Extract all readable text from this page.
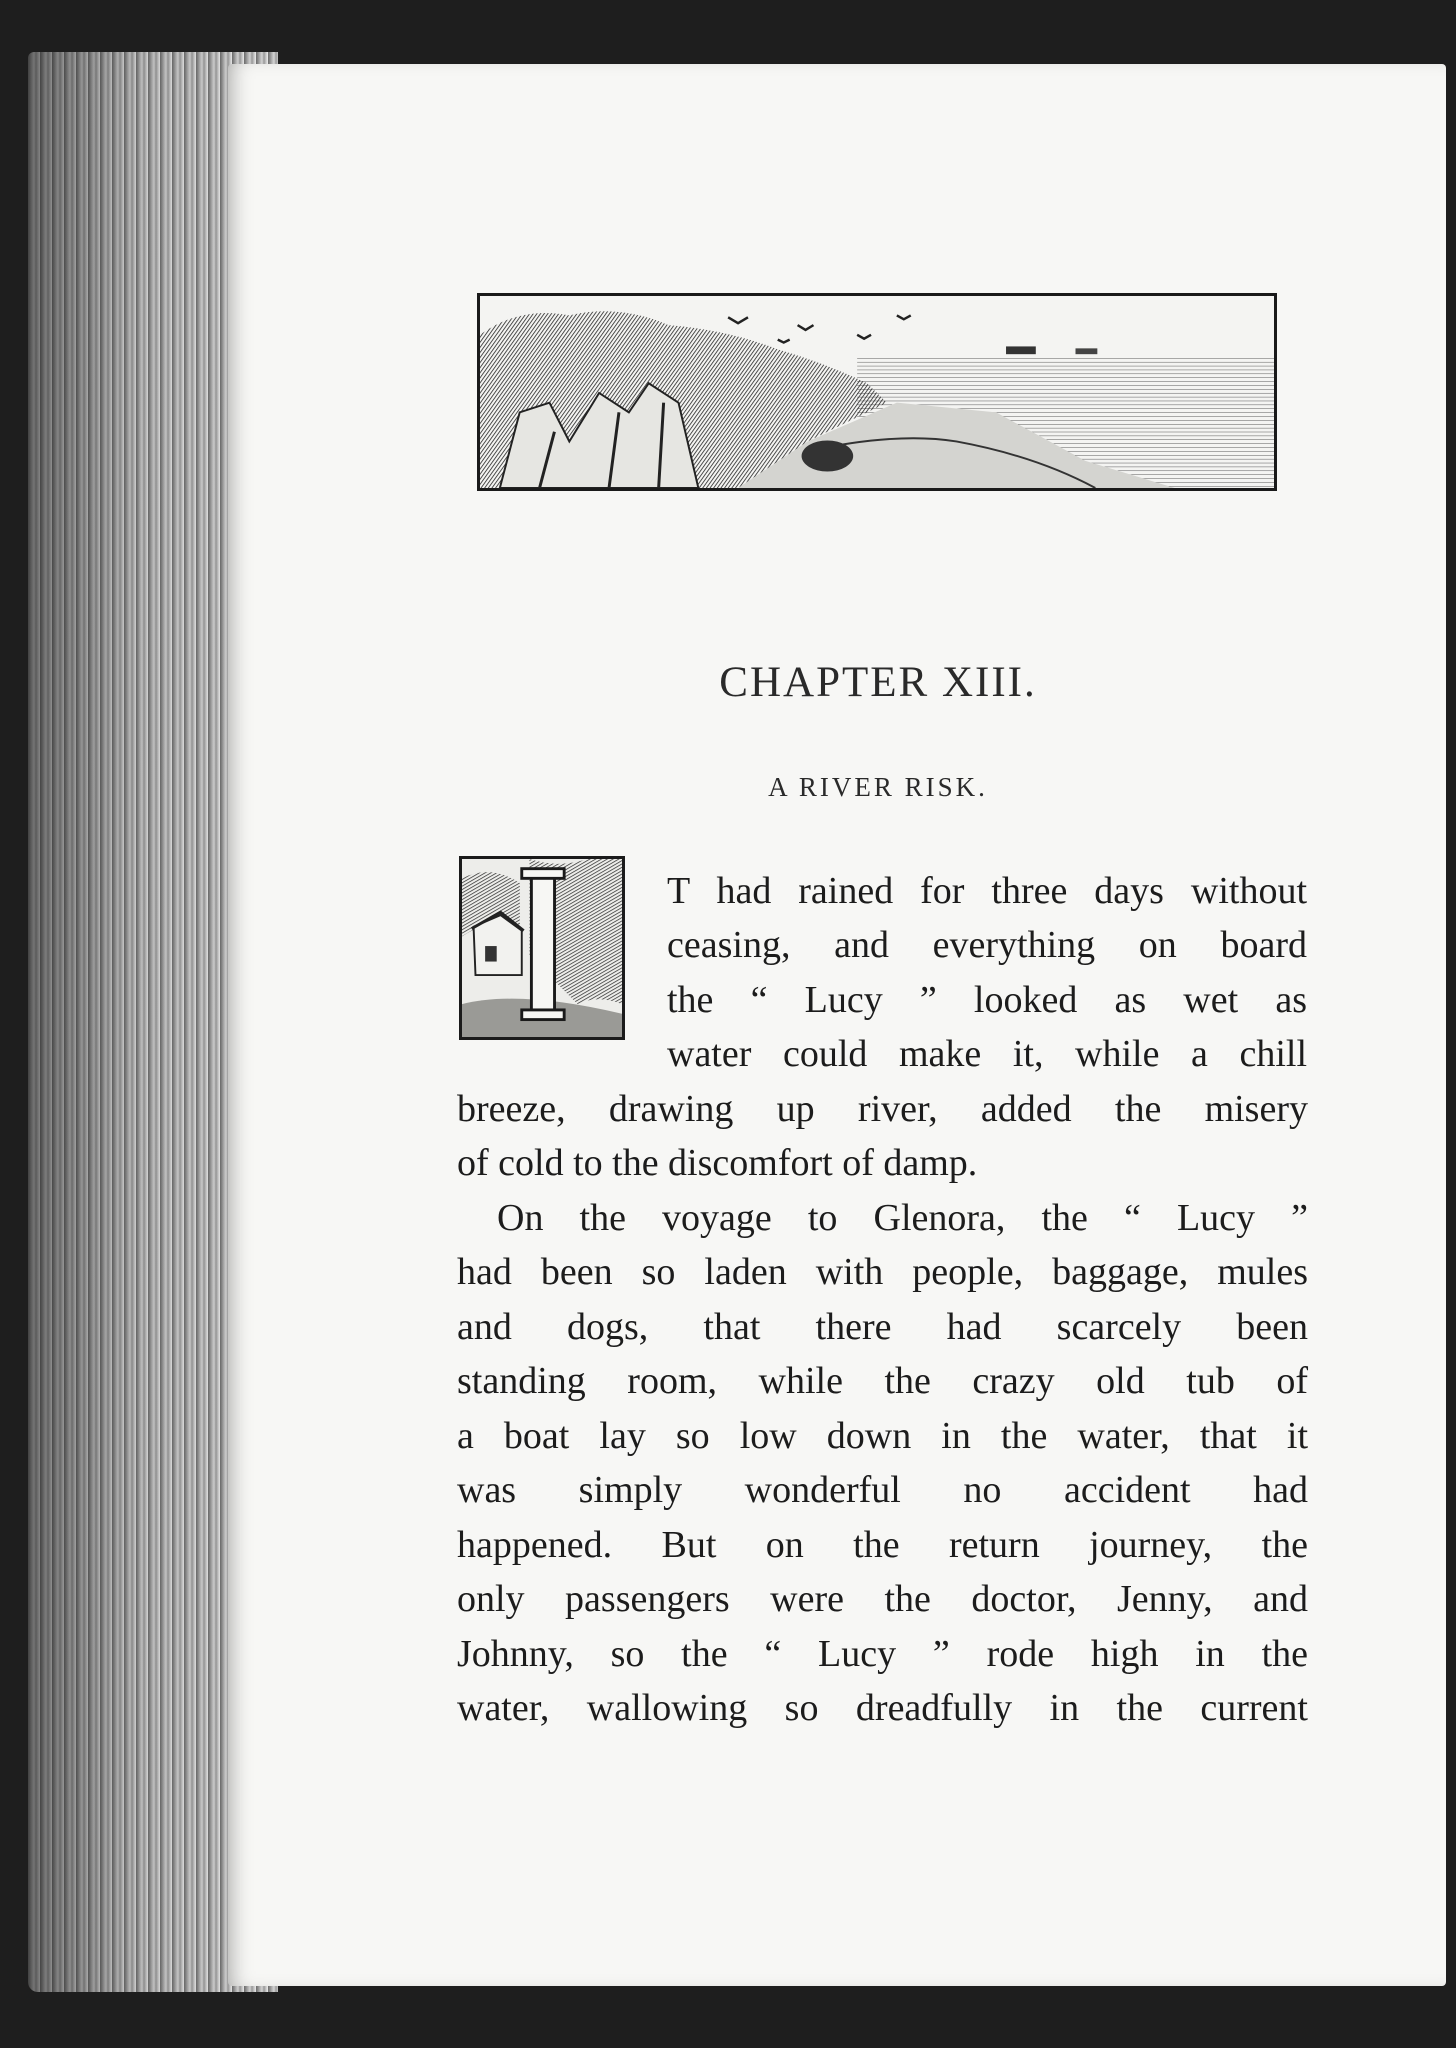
CHAPTER XIII.
A RIVER RISK.
T had rained for three days without
ceasing, and everything on board
the “ Lucy ” looked as wet as
water could make it, while a chill
breeze, drawing up river, added the misery
of cold to the discomfort of damp.
On the voyage to Glenora, the “ Lucy ”
had been so laden with people, baggage, mules
and dogs, that there had scarcely been
standing room, while the crazy old tub of
a boat lay so low down in the water, that it
was simply wonderful no accident had
happened. But on the return journey, the
only passengers were the doctor, Jenny, and
Johnny, so the “ Lucy ” rode high in the
water, wallowing so dreadfully in the current
